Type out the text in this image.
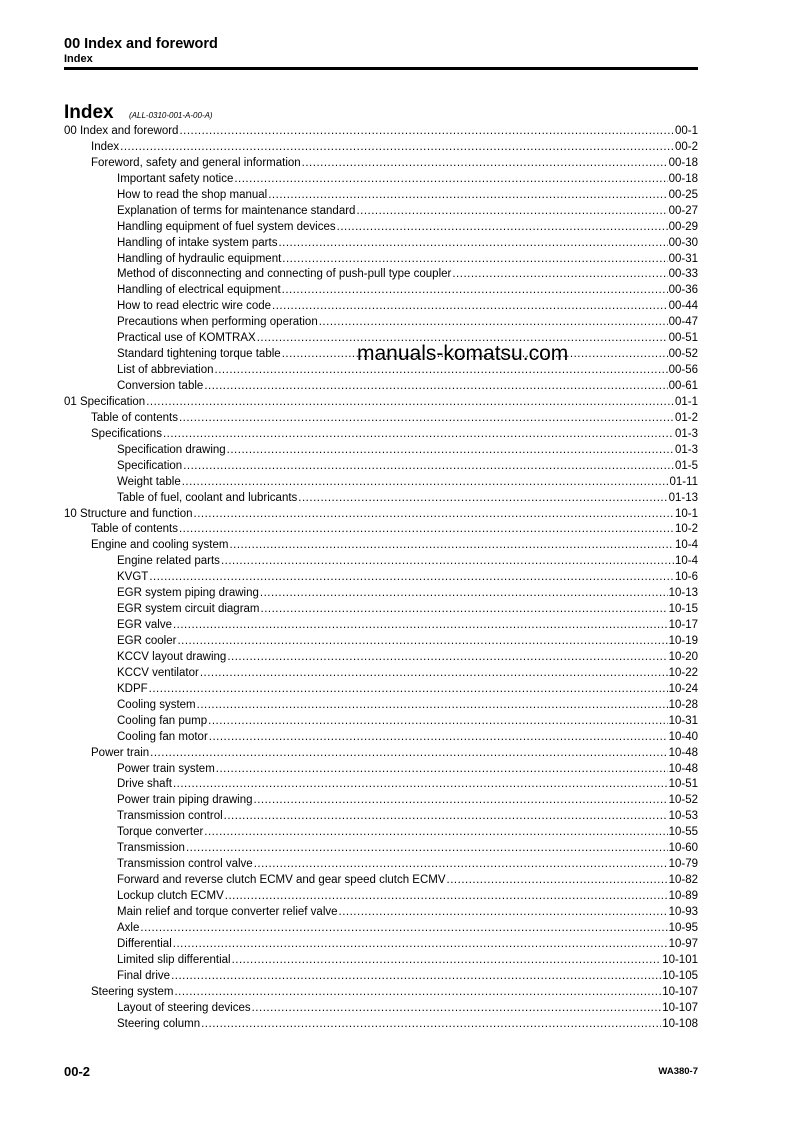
00 Index and foreword
Index
Index (ALL-0310-001-A-00-A)
00 Index and foreword .....	00-1
Index .....	00-2
Foreword, safety and general information .....	00-18
Important safety notice .....	00-18
How to read the shop manual .....	00-25
Explanation of terms for maintenance standard .....	00-27
Handling equipment of fuel system devices .....	00-29
Handling of intake system parts .....	00-30
Handling of hydraulic equipment .....	00-31
Method of disconnecting and connecting of push-pull type coupler .....	00-33
Handling of electrical equipment .....	00-36
How to read electric wire code .....	00-44
Precautions when performing operation .....	00-47
Practical use of KOMTRAX .....	00-51
Standard tightening torque table .....	00-52
List of abbreviation .....	00-56
Conversion table .....	00-61
01 Specification .....	01-1
Table of contents .....	01-2
Specifications .....	01-3
Specification drawing .....	01-3
Specification .....	01-5
Weight table .....	01-11
Table of fuel, coolant and lubricants .....	01-13
10 Structure and function .....	10-1
Table of contents .....	10-2
Engine and cooling system .....	10-4
Engine related parts .....	10-4
KVGT .....	10-6
EGR system piping drawing .....	10-13
EGR system circuit diagram .....	10-15
EGR valve .....	10-17
EGR cooler .....	10-19
KCCV layout drawing .....	10-20
KCCV ventilator .....	10-22
KDPF .....	10-24
Cooling system .....	10-28
Cooling fan pump .....	10-31
Cooling fan motor .....	10-40
Power train .....	10-48
Power train system .....	10-48
Drive shaft .....	10-51
Power train piping drawing .....	10-52
Transmission control .....	10-53
Torque converter .....	10-55
Transmission .....	10-60
Transmission control valve .....	10-79
Forward and reverse clutch ECMV and gear speed clutch ECMV .....	10-82
Lockup clutch ECMV .....	10-89
Main relief and torque converter relief valve .....	10-93
Axle .....	10-95
Differential .....	10-97
Limited slip differential .....	10-101
Final drive .....	10-105
Steering system .....	10-107
Layout of steering devices .....	10-107
Steering column .....	10-108
manuals-komatsu.com
00-2	WA380-7
